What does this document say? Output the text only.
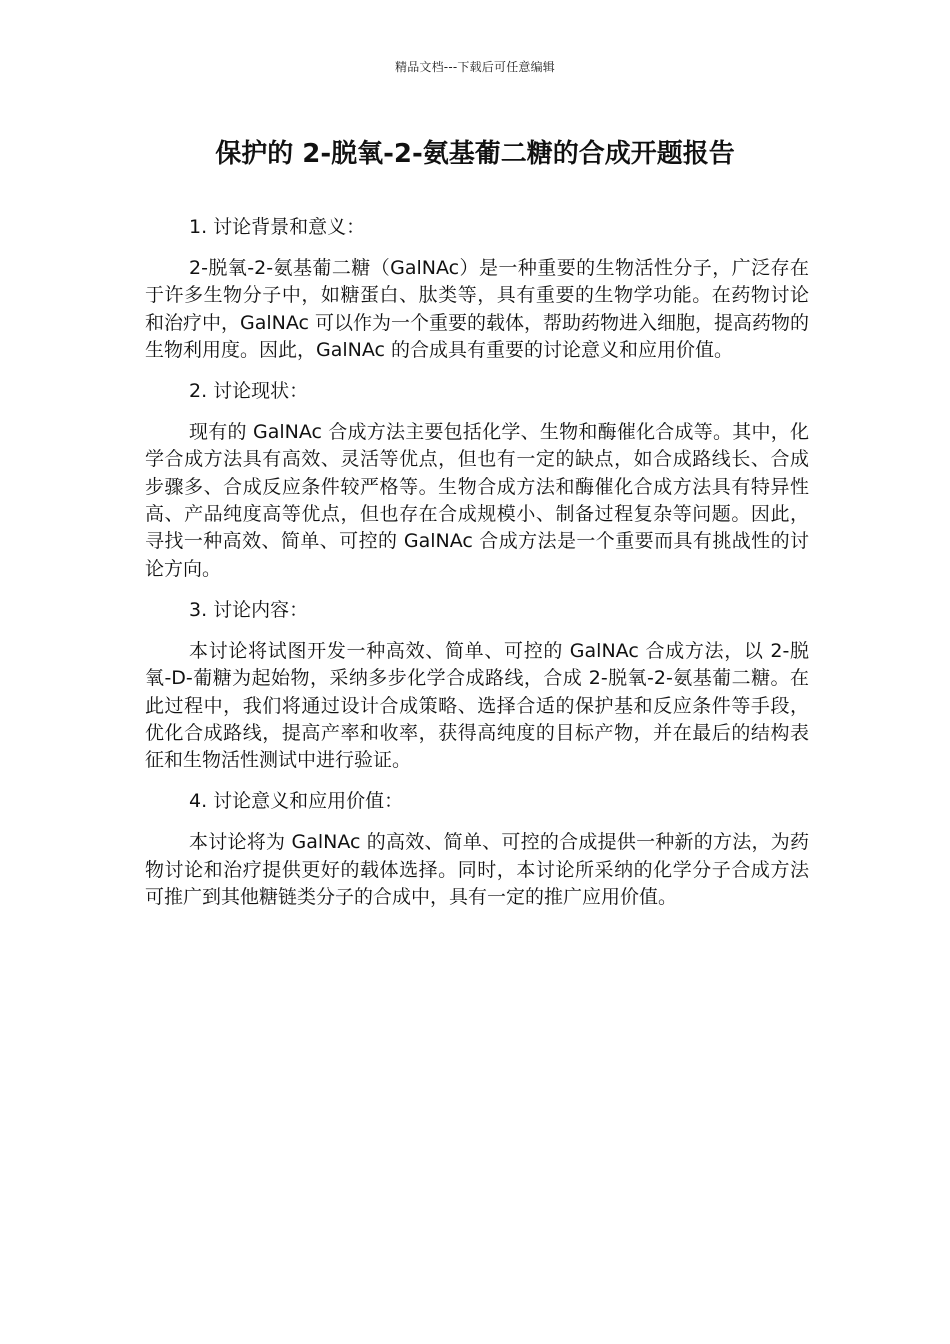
精品文档---下载后可任意编辑
保护的 2-脱氧-2-氨基葡二糖的合成开题报告

1. 讨论背景和意义：

2-脱氧-2-氨基葡二糖（GalNAc）是一种重要的生物活性分子，广泛存在于许多生物分子中，如糖蛋白、肽类等，具有重要的生物学功能。在药物讨论和治疗中，GalNAc 可以作为一个重要的载体，帮助药物进入细胞，提高药物的生物利用度。因此，GalNAc 的合成具有重要的讨论意义和应用价值。

2. 讨论现状：

现有的 GalNAc 合成方法主要包括化学、生物和酶催化合成等。其中，化学合成方法具有高效、灵活等优点，但也有一定的缺点，如合成路线长、合成步骤多、合成反应条件较严格等。生物合成方法和酶催化合成方法具有特异性高、产品纯度高等优点，但也存在合成规模小、制备过程复杂等问题。因此，寻找一种高效、简单、可控的 GalNAc 合成方法是一个重要而具有挑战性的讨论方向。

3. 讨论内容：

本讨论将试图开发一种高效、简单、可控的 GalNAc 合成方法，以 2-脱氧-D-葡糖为起始物，采纳多步化学合成路线，合成 2-脱氧-2-氨基葡二糖。在此过程中，我们将通过设计合成策略、选择合适的保护基和反应条件等手段，优化合成路线，提高产率和收率，获得高纯度的目标产物，并在最后的结构表征和生物活性测试中进行验证。

4. 讨论意义和应用价值：

本讨论将为 GalNAc 的高效、简单、可控的合成提供一种新的方法，为药物讨论和治疗提供更好的载体选择。同时，本讨论所采纳的化学分子合成方法可推广到其他糖链类分子的合成中，具有一定的推广应用价值。
